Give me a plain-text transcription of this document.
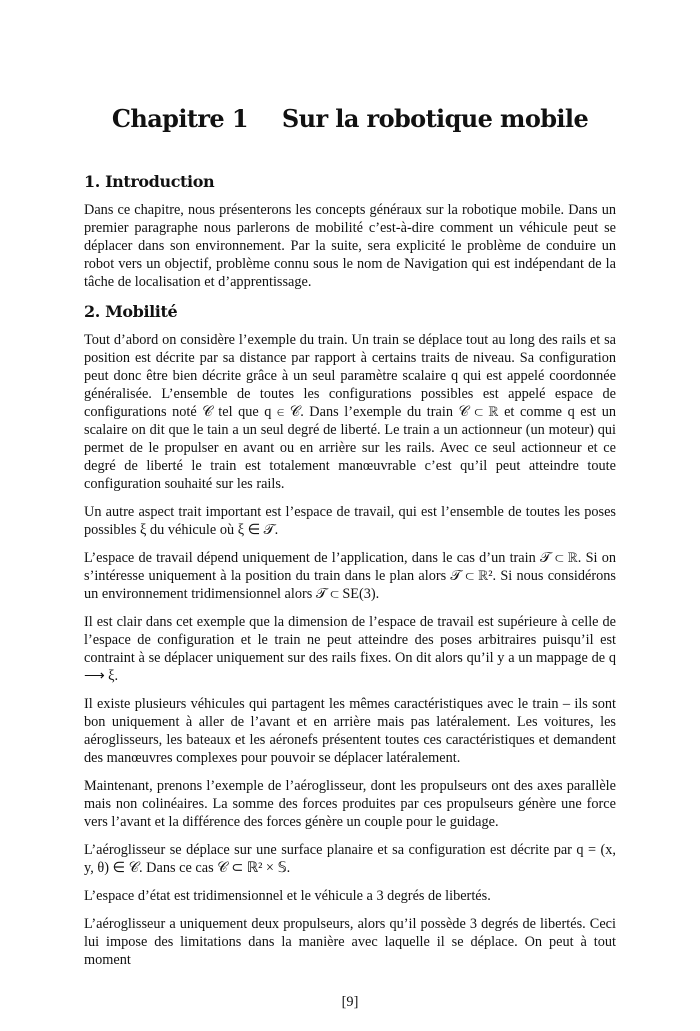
Chapitre 1 Sur la robotique mobile
1. Introduction

Dans ce chapitre, nous présenterons les concepts généraux sur la robotique mobile. Dans un premier paragraphe nous parlerons de mobilité c’est-à-dire comment un véhicule peut se déplacer dans son environnement. Par la suite, sera explicité le problème de conduire un robot vers un objectif, problème connu sous le nom de Navigation qui est indépendant de la tâche de localisation et d’apprentissage.

2. Mobilité

Tout d’abord on considère l’exemple du train. Un train se déplace tout au long des rails et sa position est décrite par sa distance par rapport à certains traits de niveau. Sa configuration peut donc être bien décrite grâce à un seul paramètre scalaire q qui est appelé coordonnée généralisée. L’ensemble de toutes les configurations possibles est appelé espace de configurations noté 𝒞 tel que q ∈ 𝒞. Dans l’exemple du train 𝒞 ⊂ ℝ et comme q est un scalaire on dit que le tain a un seul degré de liberté. Le train a un actionneur (un moteur) qui permet de le propulser en avant ou en arrière sur les rails. Avec ce seul actionneur et ce degré de liberté le train est totalement manœuvrable c’est qu’il peut atteindre toute configuration souhaité sur les rails.

Un autre aspect trait important est l’espace de travail, qui est l’ensemble de toutes les poses possibles ξ du véhicule où ξ ∈ 𝒯.

L’espace de travail dépend uniquement de l’application, dans le cas d’un train 𝒯 ⊂ ℝ. Si on s’intéresse uniquement à la position du train dans le plan alors 𝒯 ⊂ ℝ². Si nous considérons un environnement tridimensionnel alors 𝒯 ⊂ SE(3).

Il est clair dans cet exemple que la dimension de l’espace de travail est supérieure à celle de l’espace de configuration et le train ne peut atteindre des poses arbitraires puisqu’il est contraint à se déplacer uniquement sur des rails fixes. On dit alors qu’il y a un mappage de q ⟶ ξ.

Il existe plusieurs véhicules qui partagent les mêmes caractéristiques avec le train – ils sont bon uniquement à aller de l’avant et en arrière mais pas latéralement. Les voitures, les aéroglisseurs, les bateaux et les aéronefs présentent toutes ces caractéristiques et demandent des manœuvres complexes pour pouvoir se déplacer latéralement.

Maintenant, prenons l’exemple de l’aéroglisseur, dont les propulseurs ont des axes parallèle mais non colinéaires. La somme des forces produites par ces propulseurs génère une force vers l’avant et la différence des forces génère un couple pour le guidage.

L’aéroglisseur se déplace sur une surface planaire et sa configuration est décrite par q = (x, y, θ) ∈ 𝒞. Dans ce cas 𝒞 ⊂ ℝ² × 𝕊.

L’espace d’état est tridimensionnel et le véhicule a 3 degrés de libertés.

L’aéroglisseur a uniquement deux propulseurs, alors qu’il possède 3 degrés de libertés. Ceci lui impose des limitations dans la manière avec laquelle il se déplace. On peut à tout moment

[9]
